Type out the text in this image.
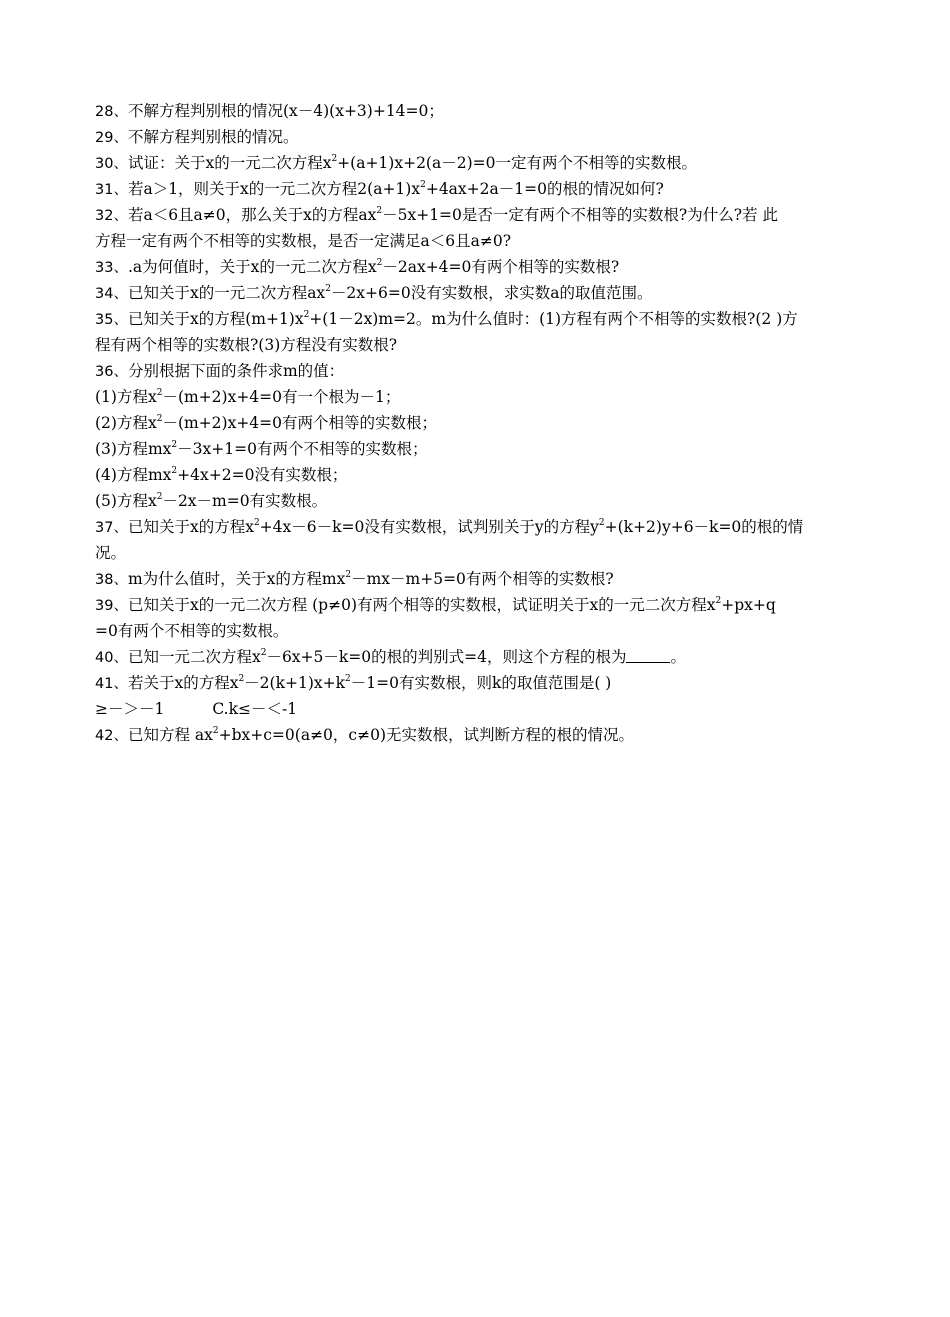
28、不解方程判别根的情况(x－4)(x+3)+14=0；
29、不解方程判别根的情况。
30、试证：关于x的一元二次方程$x^2+(a+1)x+2(a-2)=0$一定有两个不相等的实数根。
31、若a＞1，则关于x的一元二次方程$2(a+1)x^2+4ax+2a-1=0$的根的情况如何?
32、若a＜6且a≠0，那么关于x的方程$ax^2-5x+1=0$是否一定有两个不相等的实数根?为什么?若 此
方程一定有两个不相等的实数根，是否一定满足a＜6且a≠0?
33、.a为何值时，关于x的一元二次方程$x^2-2ax+4=0$有两个相等的实数根?
34、已知关于x的一元二次方程$ax^2-2x+6=0$没有实数根，求实数a的取值范围。
35、已知关于x的方程$(m+1)x^2+(1-2x)m=2$。m为什么值时：(1)方程有两个不相等的实数根?(2 )方
程有两个相等的实数根?(3)方程没有实数根?
36、分别根据下面的条件求m的值：
(1)方程$x^2-(m+2)x+4=0$有一个根为－1；
(2)方程$x^2-(m+2)x+4=0$有两个相等的实数根；
(3)方程$mx^2-3x+1=0$有两个不相等的实数根；
(4)方程$mx^2+4x+2=0$没有实数根；
(5)方程$x^2-2x-m=0$有实数根。
37、已知关于x的方程$x^2+4x-6-k=0$没有实数根，试判别关于y的方程$y^2+(k+2)y+6-k=0$的根的情
况。
38、m为什么值时，关于x的方程$mx^2-mx-m+5=0$有两个相等的实数根?
39、已知关于x的一元二次方程 (p≠0)有两个相等的实数根，试证明关于x的一元二次方程$x^2+px+q$
=0有两个不相等的实数根。
40、已知一元二次方程$x^2-6x+5-k=0$的根的判别式=4，则这个方程的根为	。
41、若关于x的方程$x^2-2(k+1)x+k^2-1=0$有实数根，则k的取值范围是( )
≥－＞－1	C.k≤－＜-1
42、已知方程 $ax^2+bx+c=0(a\ne 0$，c≠0)无实数根，试判断方程的根的情况。
